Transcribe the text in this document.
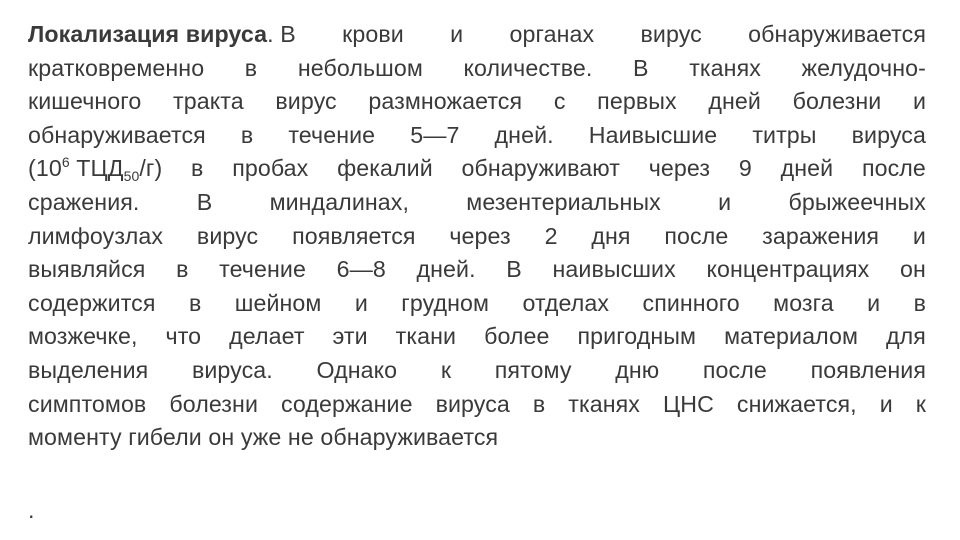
Локализация вируса. В крови и органах вирус обнаруживается
кратковременно в небольшом количестве. В тканях желудочно-
кишечного тракта вирус размножается с первых дней болезни и
обнаруживается в течение 5—7 дней. Наивысшие титры вируса
($10^6$ $ТЦД_{50}/г$) в пробах фекалий обнаруживают через 9 дней после
сражения. В миндалинах, мезентериальных и брыжеечных
лимфоузлах вирус появляется через 2 дня после заражения и
выявляйся в течение 6—8 дней. В наивысших концентрациях он
содержится в шейном и грудном отделах спинного мозга и в
мозжечке, что делает эти ткани более пригодным материалом для
выделения вируса. Однако к пятому дню после появления
симптомов болезни содержание вируса в тканях ЦНС снижается, и к
моменту гибели он уже не обнаруживается
.
